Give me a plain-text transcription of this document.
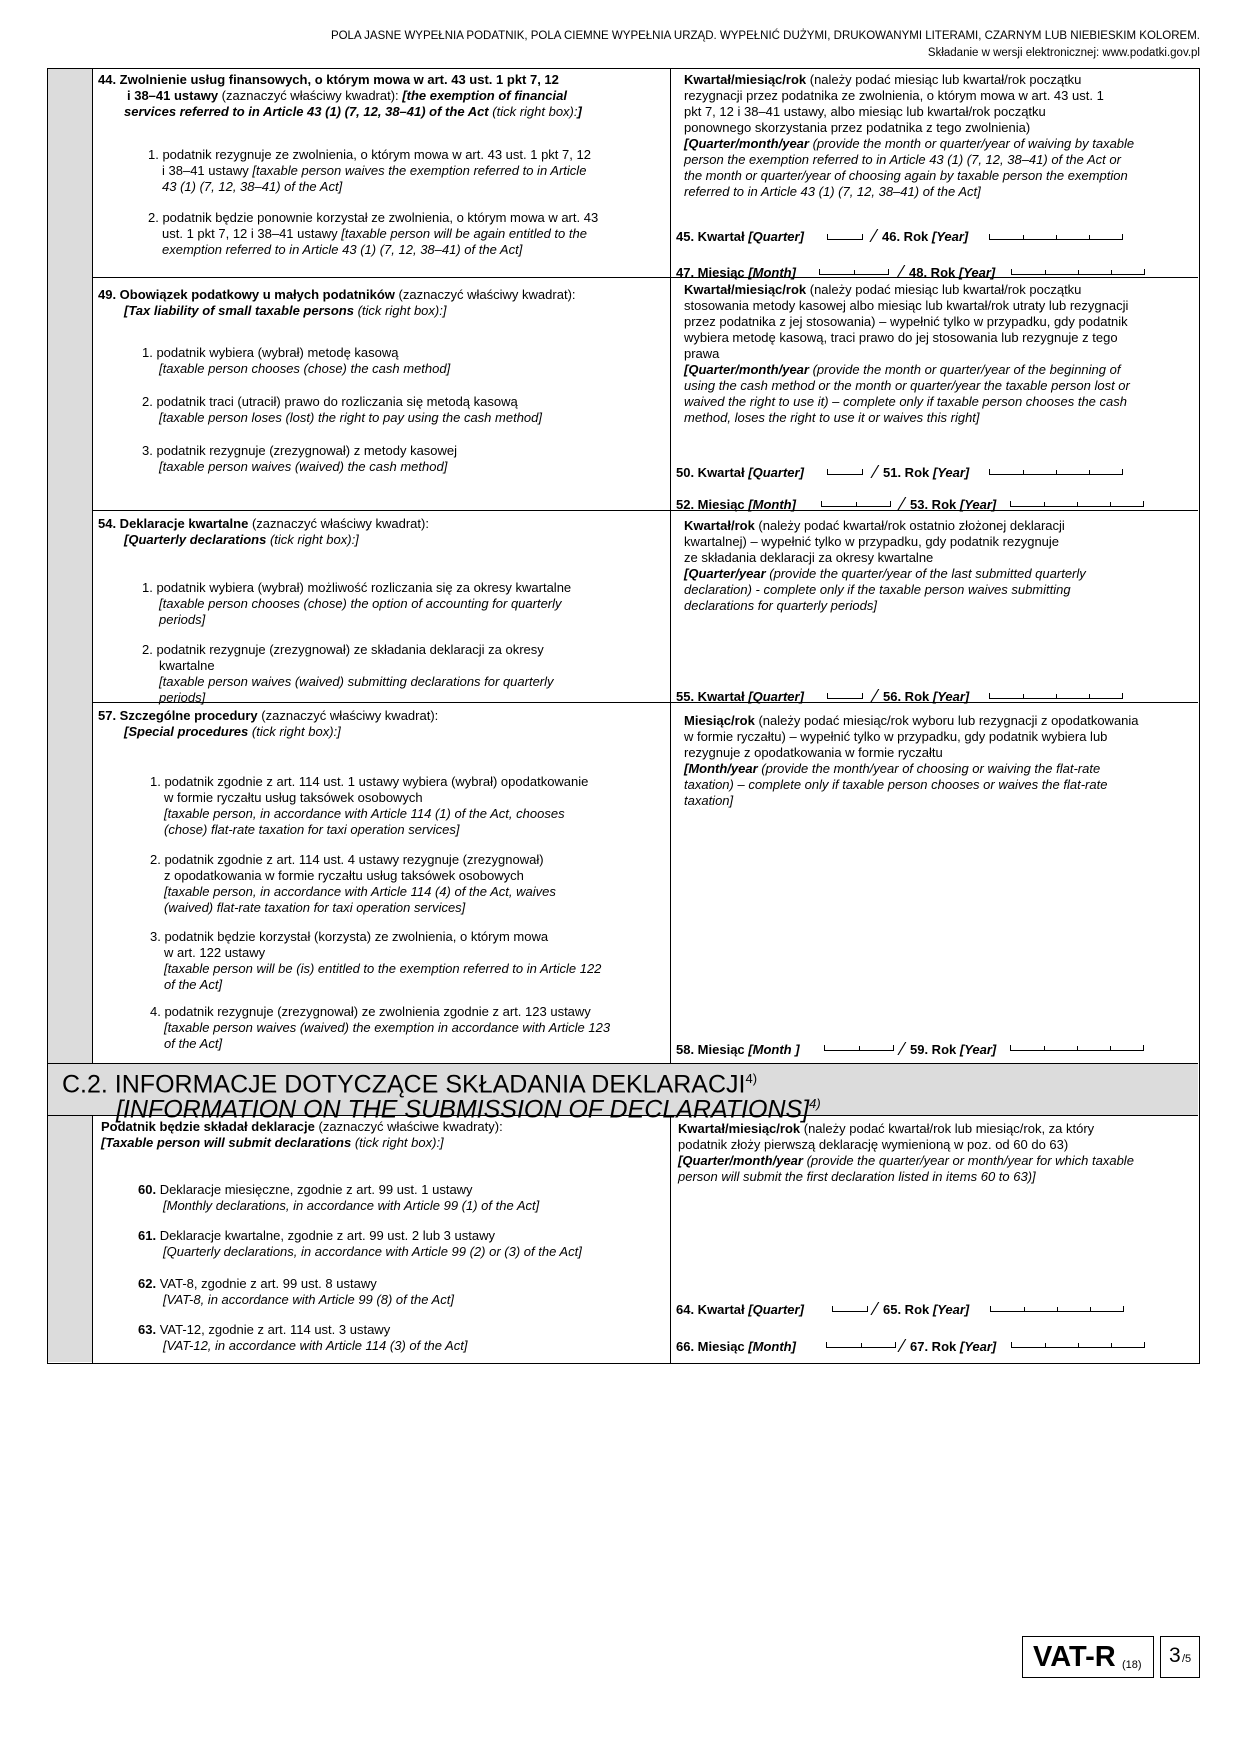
POLA JASNE WYPEŁNIA PODATNIK, POLA CIEMNE WYPEŁNIA URZĄD. WYPEŁNIĆ DUŻYMI, DRUKOWANYMI LITERAMI, CZARNYM LUB NIEBIESKIM KOLOREM.
Składanie w wersji elektronicznej: www.podatki.gov.pl
44. Zwolnienie usług finansowych, o którym mowa w art. 43 ust. 1 pkt 7, 12
i 38–41 ustawy (zaznaczyć właściwy kwadrat): [the exemption of financial
services referred to in Article 43 (1) (7, 12, 38–41) of the Act (tick right box):]
1. podatnik rezygnuje ze zwolnienia, o którym mowa w art. 43 ust. 1 pkt 7, 12
i 38–41 ustawy [taxable person waives the exemption referred to in Article
43 (1) (7, 12, 38–41) of the Act]
2. podatnik będzie ponownie korzystał ze zwolnienia, o którym mowa w art. 43
ust. 1 pkt 7, 12 i 38–41 ustawy [taxable person will be again entitled to the
exemption referred to in Article 43 (1) (7, 12, 38–41) of the Act]
Kwartał/miesiąc/rok (należy podać miesiąc lub kwartał/rok początku
rezygnacji przez podatnika ze zwolnienia, o którym mowa w art. 43 ust. 1
pkt 7, 12 i 38–41 ustawy, albo miesiąc lub kwartał/rok początku
ponownego skorzystania przez podatnika z tego zwolnienia)
[Quarter/month/year (provide the month or quarter/year of waiving by taxable
person the exemption referred to in Article 43 (1) (7, 12, 38–41) of the Act or
the month or quarter/year of choosing again by taxable person the exemption
referred to in Article 43 (1) (7, 12, 38–41) of the Act]
45. Kwartał [Quarter]	⁄ 46. Rok [Year]
47. Miesiąc [Month]	⁄ 48. Rok [Year]
49. Obowiązek podatkowy u małych podatników (zaznaczyć właściwy kwadrat):
[Tax liability of small taxable persons (tick right box):]
1. podatnik wybiera (wybrał) metodę kasową
[taxable person chooses (chose) the cash method]
2. podatnik traci (utracił) prawo do rozliczania się metodą kasową
[taxable person loses (lost) the right to pay using the cash method]
3. podatnik rezygnuje (zrezygnował) z metody kasowej
[taxable person waives (waived) the cash method]
Kwartał/miesiąc/rok (należy podać miesiąc lub kwartał/rok początku
stosowania metody kasowej albo miesiąc lub kwartał/rok utraty lub rezygnacji
przez podatnika z jej stosowania) – wypełnić tylko w przypadku, gdy podatnik
wybiera metodę kasową, traci prawo do jej stosowania lub rezygnuje z tego
prawa
[Quarter/month/year (provide the month or quarter/year of the beginning of
using the cash method or the month or quarter/year the taxable person lost or
waived the right to use it) – complete only if taxable person chooses the cash
method, loses the right to use it or waives this right]
50. Kwartał [Quarter]	⁄ 51. Rok [Year]
52. Miesiąc [Month]	⁄ 53. Rok [Year]
54. Deklaracje kwartalne (zaznaczyć właściwy kwadrat):
[Quarterly declarations (tick right box):]
1. podatnik wybiera (wybrał) możliwość rozliczania się za okresy kwartalne
[taxable person chooses (chose) the option of accounting for quarterly
periods]
2. podatnik rezygnuje (zrezygnował) ze składania deklaracji za okresy
kwartalne
[taxable person waives (waived) submitting declarations for quarterly
periods]
Kwartał/rok (należy podać kwartał/rok ostatnio złożonej deklaracji
kwartalnej) – wypełnić tylko w przypadku, gdy podatnik rezygnuje
ze składania deklaracji za okresy kwartalne
[Quarter/year (provide the quarter/year of the last submitted quarterly
declaration) - complete only if the taxable person waives submitting
declarations for quarterly periods]
55. Kwartał [Quarter]	⁄ 56. Rok [Year]
57. Szczególne procedury (zaznaczyć właściwy kwadrat):
[Special procedures (tick right box):]
1. podatnik zgodnie z art. 114 ust. 1 ustawy wybiera (wybrał) opodatkowanie
w formie ryczałtu usług taksówek osobowych
[taxable person, in accordance with Article 114 (1) of the Act, chooses
(chose) flat-rate taxation for taxi operation services]
2. podatnik zgodnie z art. 114 ust. 4 ustawy rezygnuje (zrezygnował)
z opodatkowania w formie ryczałtu usług taksówek osobowych
[taxable person, in accordance with Article 114 (4) of the Act, waives
(waived) flat-rate taxation for taxi operation services]
3. podatnik będzie korzystał (korzysta) ze zwolnienia, o którym mowa
w art. 122 ustawy
[taxable person will be (is) entitled to the exemption referred to in Article 122
of the Act]
4. podatnik rezygnuje (zrezygnował) ze zwolnienia zgodnie z art. 123 ustawy
[taxable person waives (waived) the exemption in accordance with Article 123
of the Act]
Miesiąc/rok (należy podać miesiąc/rok wyboru lub rezygnacji z opodatkowania
w formie ryczałtu) – wypełnić tylko w przypadku, gdy podatnik wybiera lub
rezygnuje z opodatkowania w formie ryczałtu
[Month/year (provide the month/year of choosing or waiving the flat-rate
taxation) – complete only if taxable person chooses or waives the flat-rate
taxation]
58. Miesiąc [Month ]	⁄ 59. Rok [Year]
C.2. INFORMACJE DOTYCZĄCE SKŁADANIA DEKLARACJI$^{4)}$
[INFORMATION ON THE SUBMISSION OF DECLARATIONS]$^{4)}$
Podatnik będzie składał deklaracje (zaznaczyć właściwe kwadraty):
[Taxable person will submit declarations (tick right box):]
60. Deklaracje miesięczne, zgodnie z art. 99 ust. 1 ustawy
[Monthly declarations, in accordance with Article 99 (1) of the Act]
61. Deklaracje kwartalne, zgodnie z art. 99 ust. 2 lub 3 ustawy
[Quarterly declarations, in accordance with Article 99 (2) or (3) of the Act]
62. VAT-8, zgodnie z art. 99 ust. 8 ustawy
[VAT-8, in accordance with Article 99 (8) of the Act]
63. VAT-12, zgodnie z art. 114 ust. 3 ustawy
[VAT-12, in accordance with Article 114 (3) of the Act]
Kwartał/miesiąc/rok (należy podać kwartał/rok lub miesiąc/rok, za który
podatnik złoży pierwszą deklarację wymienioną w poz. od 60 do 63)
[Quarter/month/year (provide the quarter/year or month/year for which taxable
person will submit the first declaration listed in items 60 to 63)]
64. Kwartał [Quarter]	⁄ 65. Rok [Year]
66. Miesiąc [Month]	⁄ 67. Rok [Year]
VAT-R (18) 3 /5
